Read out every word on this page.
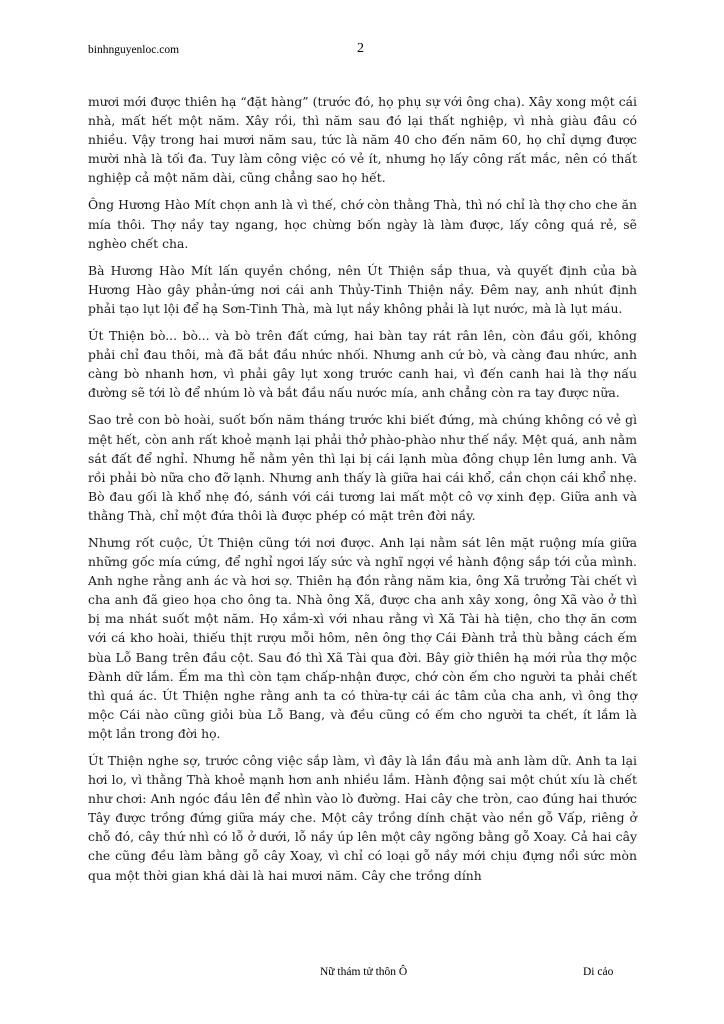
binhnguyenloc.com	2

mươi mới được thiên hạ “đặt hàng” (trước đó, họ phụ sự với ông cha). Xây xong một cái nhà, mất hết một năm. Xây rồi, thì năm sau đó lại thất nghiệp, vì nhà giàu đâu có nhiều. Vậy trong hai mươi năm sau, tức là năm 40 cho đến năm 60, họ chỉ dựng được mười nhà là tối đa. Tuy làm công việc có vẻ ít, nhưng họ lấy công rất mắc, nên có thất nghiệp cả một năm dài, cũng chẳng sao họ hết.

Ông Hương Hào Mít chọn anh là vì thế, chớ còn thằng Thà, thì nó chỉ là thợ cho che ăn mía thôi. Thợ nầy tay ngang, học chừng bốn ngày là làm được, lấy công quá rẻ, sẽ nghèo chết cha.

Bà Hương Hào Mít lấn quyền chồng, nên Út Thiện sắp thua, và quyết định của bà Hương Hào gây phản-ứng nơi cái anh Thủy-Tinh Thiện nầy. Đêm nay, anh nhút định phải tạo lụt lội để hạ Sơn-Tinh Thà, mà lụt nầy không phải là lụt nước, mà là lụt máu.

Út Thiện bò... bò... và bò trên đất cứng, hai bàn tay rát rân lên, còn đầu gối, không phải chỉ đau thôi, mà đã bắt đầu nhức nhối. Nhưng anh cứ bò, và càng đau nhức, anh càng bò nhanh hơn, vì phải gây lụt xong trước canh hai, vì đến canh hai là thợ nấu đường sẽ tới lò để nhúm lò và bắt đầu nấu nước mía, anh chẳng còn ra tay được nữa.

Sao trẻ con bò hoài, suốt bốn năm tháng trước khi biết đứng, mà chúng không có vẻ gì mệt hết, còn anh rất khoẻ mạnh lại phải thở phào-phào như thế nầy. Mệt quá, anh nằm sát đất để nghỉ. Nhưng hễ nằm yên thì lại bị cái lạnh mùa đông chụp lên lưng anh. Và rồi phải bò nữa cho đỡ lạnh. Nhưng anh thấy là giữa hai cái khổ, cần chọn cái khổ nhẹ. Bò đau gối là khổ nhẹ đó, sánh với cái tương lai mất một cô vợ xinh đẹp. Giữa anh và thằng Thà, chỉ một đứa thôi là được phép có mặt trên đời nầy.

Nhưng rốt cuộc, Út Thiện cũng tới nơi được. Anh lại nằm sát lên mặt ruộng mía giữa những gốc mía cứng, để nghỉ ngơi lấy sức và nghĩ ngợi về hành động sắp tới của mình. Anh nghe rằng anh ác và hơi sợ. Thiên hạ đồn rằng năm kia, ông Xã trưởng Tài chết vì cha anh đã gieo họa cho ông ta. Nhà ông Xã, được cha anh xây xong, ông Xã vào ở thì bị ma nhát suốt một năm. Họ xầm-xì với nhau rằng vì Xã Tài hà tiện, cho thợ ăn cơm với cá kho hoài, thiếu thịt rượu mỗi hôm, nên ông thợ Cái Đành trả thù bằng cách ếm bùa Lỗ Bang trên đầu cột. Sau đó thì Xã Tài qua đời. Bây giờ thiên hạ mới rủa thợ mộc Đành dữ lắm. Ếm ma thì còn tạm chấp-nhận được, chớ còn ếm cho người ta phải chết thì quá ác. Út Thiện nghe rằng anh ta có thừa-tự cái ác tâm của cha anh, vì ông thợ mộc Cái nào cũng giỏi bùa Lỗ Bang, và đều cũng có ếm cho người ta chết, ít lắm là một lần trong đời họ.

Út Thiện nghe sợ, trước công việc sắp làm, vì đây là lần đầu mà anh làm dữ. Anh ta lại hơi lo, vì thằng Thà khoẻ mạnh hơn anh nhiều lắm. Hành động sai một chút xíu là chết như chơi: Anh ngóc đầu lên để nhìn vào lò đường. Hai cây che tròn, cao đúng hai thước Tây được trồng đứng giữa máy che. Một cây trồng dính chặt vào nền gỗ Vấp, riêng ở chỗ đó, cây thứ nhì có lỗ ở dưới, lỗ nầy úp lên một cây ngõng bằng gỗ Xoay. Cả hai cây che cũng đều làm bằng gỗ cây Xoay, vì chỉ có loại gỗ nầy mới chịu đựng nổi sức mòn qua một thời gian khá dài là hai mươi năm. Cây che trồng dính

Nữ thám tử thôn Ô	Di cảo
